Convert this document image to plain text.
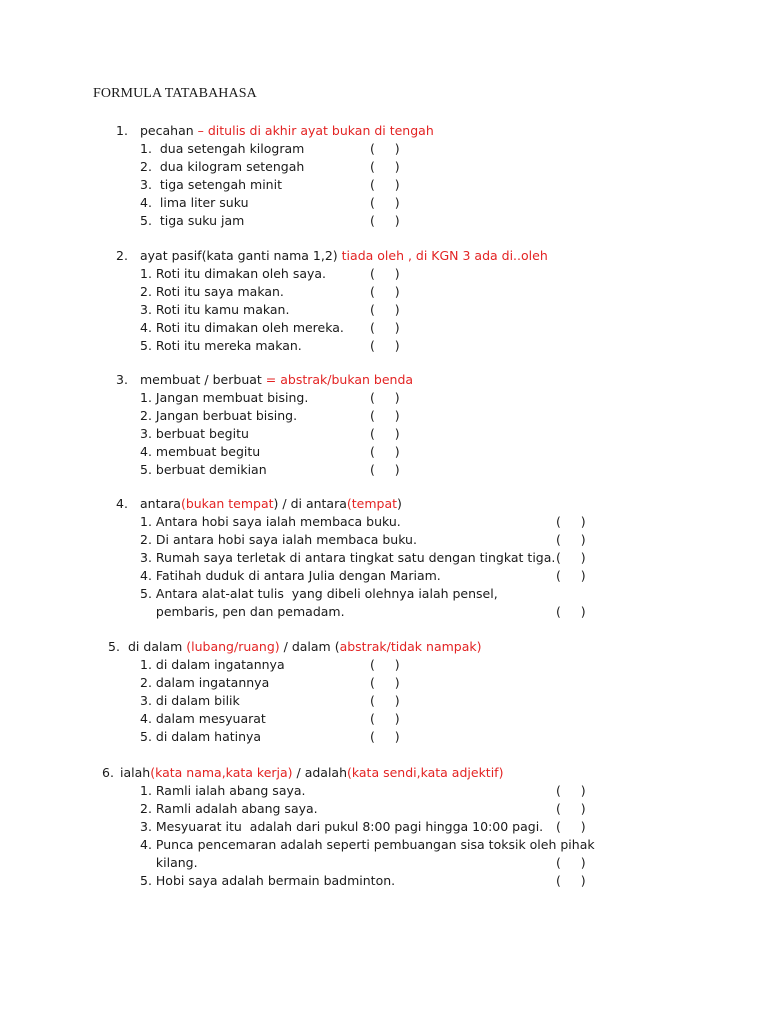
FORMULA TATABAHASA
1. pecahan – ditulis di akhir ayat bukan di tengah
1.  dua setengah kilogram	(     )
2.  dua kilogram setengah	(     )
3.  tiga setengah minit	(     )
4.  lima liter suku	(     )
5.  tiga suku jam	(     )
2. ayat pasif(kata ganti nama 1,2) tiada oleh , di KGN 3 ada di..oleh
1. Roti itu dimakan oleh saya.	(     )
2. Roti itu saya makan.	(     )
3. Roti itu kamu makan.	(     )
4. Roti itu dimakan oleh mereka. (     )
5. Roti itu mereka makan.	(     )
3. membuat / berbuat = abstrak/bukan benda
1. Jangan membuat bising.	(     )
2. Jangan berbuat bising.	(     )
3. berbuat begitu	(     )
4. membuat begitu	(     )
5. berbuat demikian	(     )
4. antara(bukan tempat) / di antara(tempat)
1. Antara hobi saya ialah membaca buku.	(     )
2. Di antara hobi saya ialah membaca buku.	(     )
3. Rumah saya terletak di antara tingkat satu dengan tingkat tiga. (     )
4. Fatihah duduk di antara Julia dengan Mariam.	(     )
5. Antara alat-alat tulis  yang dibeli olehnya ialah pensel,
pembaris, pen dan pemadam.	(     )
5. di dalam (lubang/ruang) / dalam (abstrak/tidak nampak)
1. di dalam ingatannya	(     )
2. dalam ingatannya	(     )
3. di dalam bilik	(     )
4. dalam mesyuarat	(     )
5. di dalam hatinya	(     )
6. ialah(kata nama,kata kerja) / adalah(kata sendi,kata adjektif)
1. Ramli ialah abang saya.	(     )
2. Ramli adalah abang saya.	(     )
3. Mesyuarat itu  adalah dari pukul 8:00 pagi hingga 10:00 pagi. (     )
4. Punca pencemaran adalah seperti pembuangan sisa toksik oleh pihak
kilang.	(     )
5. Hobi saya adalah bermain badminton.	(     )
